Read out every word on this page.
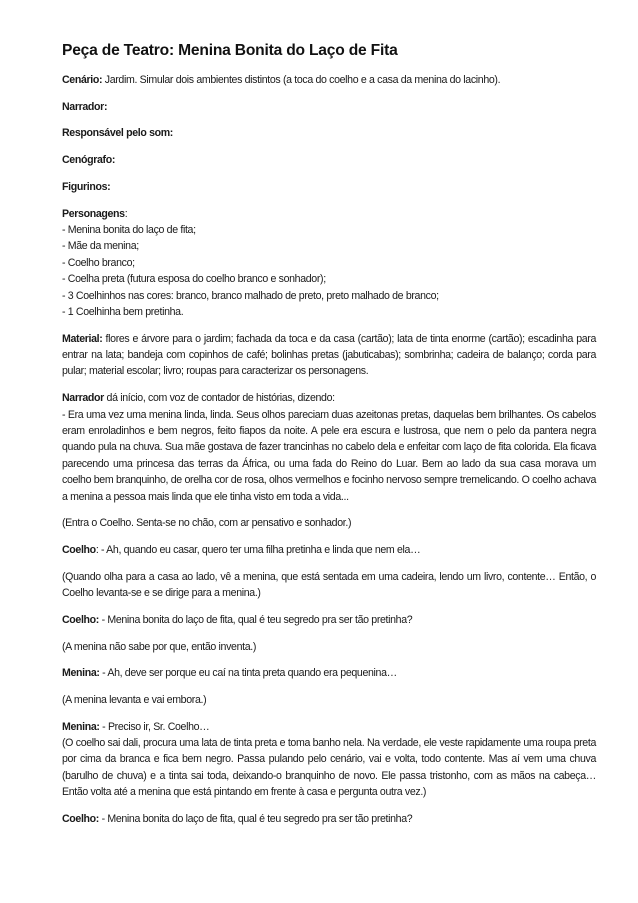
Peça de Teatro: Menina Bonita do Laço de Fita

Cenário: Jardim. Simular dois ambientes distintos (a toca do coelho e a casa da menina do lacinho).

Narrador:

Responsável pelo som:

Cenógrafo:

Figurinos:

Personagens:
- Menina bonita do laço de fita;
- Mãe da menina;
- Coelho branco;
- Coelha preta (futura esposa do coelho branco e sonhador);
- 3 Coelhinhos nas cores: branco, branco malhado de preto, preto malhado de branco;
- 1 Coelhinha bem pretinha.

Material: flores e árvore para o jardim; fachada da toca e da casa (cartão); lata de tinta enorme (cartão); escadinha para entrar na lata; bandeja com copinhos de café; bolinhas pretas (jabuticabas); sombrinha; cadeira de balanço; corda para pular; material escolar; livro; roupas para caracterizar os personagens.

Narrador dá início, com voz de contador de histórias, dizendo:
- Era uma vez uma menina linda, linda. Seus olhos pareciam duas azeitonas pretas, daquelas bem brilhantes. Os cabelos eram enroladinhos e bem negros, feito fiapos da noite. A pele era escura e lustrosa, que nem o pelo da pantera negra quando pula na chuva. Sua mãe gostava de fazer trancinhas no cabelo dela e enfeitar com laço de fita colorida. Ela ficava parecendo uma princesa das terras da África, ou uma fada do Reino do Luar. Bem ao lado da sua casa morava um coelho bem branquinho, de orelha cor de rosa, olhos vermelhos e focinho nervoso sempre tremelicando. O coelho achava a menina a pessoa mais linda que ele tinha visto em toda a vida...

(Entra o Coelho. Senta-se no chão, com ar pensativo e sonhador.)

Coelho: - Ah, quando eu casar, quero ter uma filha pretinha e linda que nem ela…

(Quando olha para a casa ao lado, vê a menina, que está sentada em uma cadeira, lendo um livro, contente… Então, o Coelho levanta-se e se dirige para a menina.)

Coelho: - Menina bonita do laço de fita, qual é teu segredo pra ser tão pretinha?

(A menina não sabe por que, então inventa.)

Menina: - Ah, deve ser porque eu caí na tinta preta quando era pequenina…

(A menina levanta e vai embora.)

Menina: - Preciso ir, Sr. Coelho…
(O coelho sai dali, procura uma lata de tinta preta e toma banho nela. Na verdade, ele veste rapidamente uma roupa preta por cima da branca e fica bem negro. Passa pulando pelo cenário, vai e volta, todo contente. Mas aí vem uma chuva (barulho de chuva) e a tinta sai toda, deixando-o branquinho de novo. Ele passa tristonho, com as mãos na cabeça… Então volta até a menina que está pintando em frente à casa e pergunta outra vez.)

Coelho: - Menina bonita do laço de fita, qual é teu segredo pra ser tão pretinha?
